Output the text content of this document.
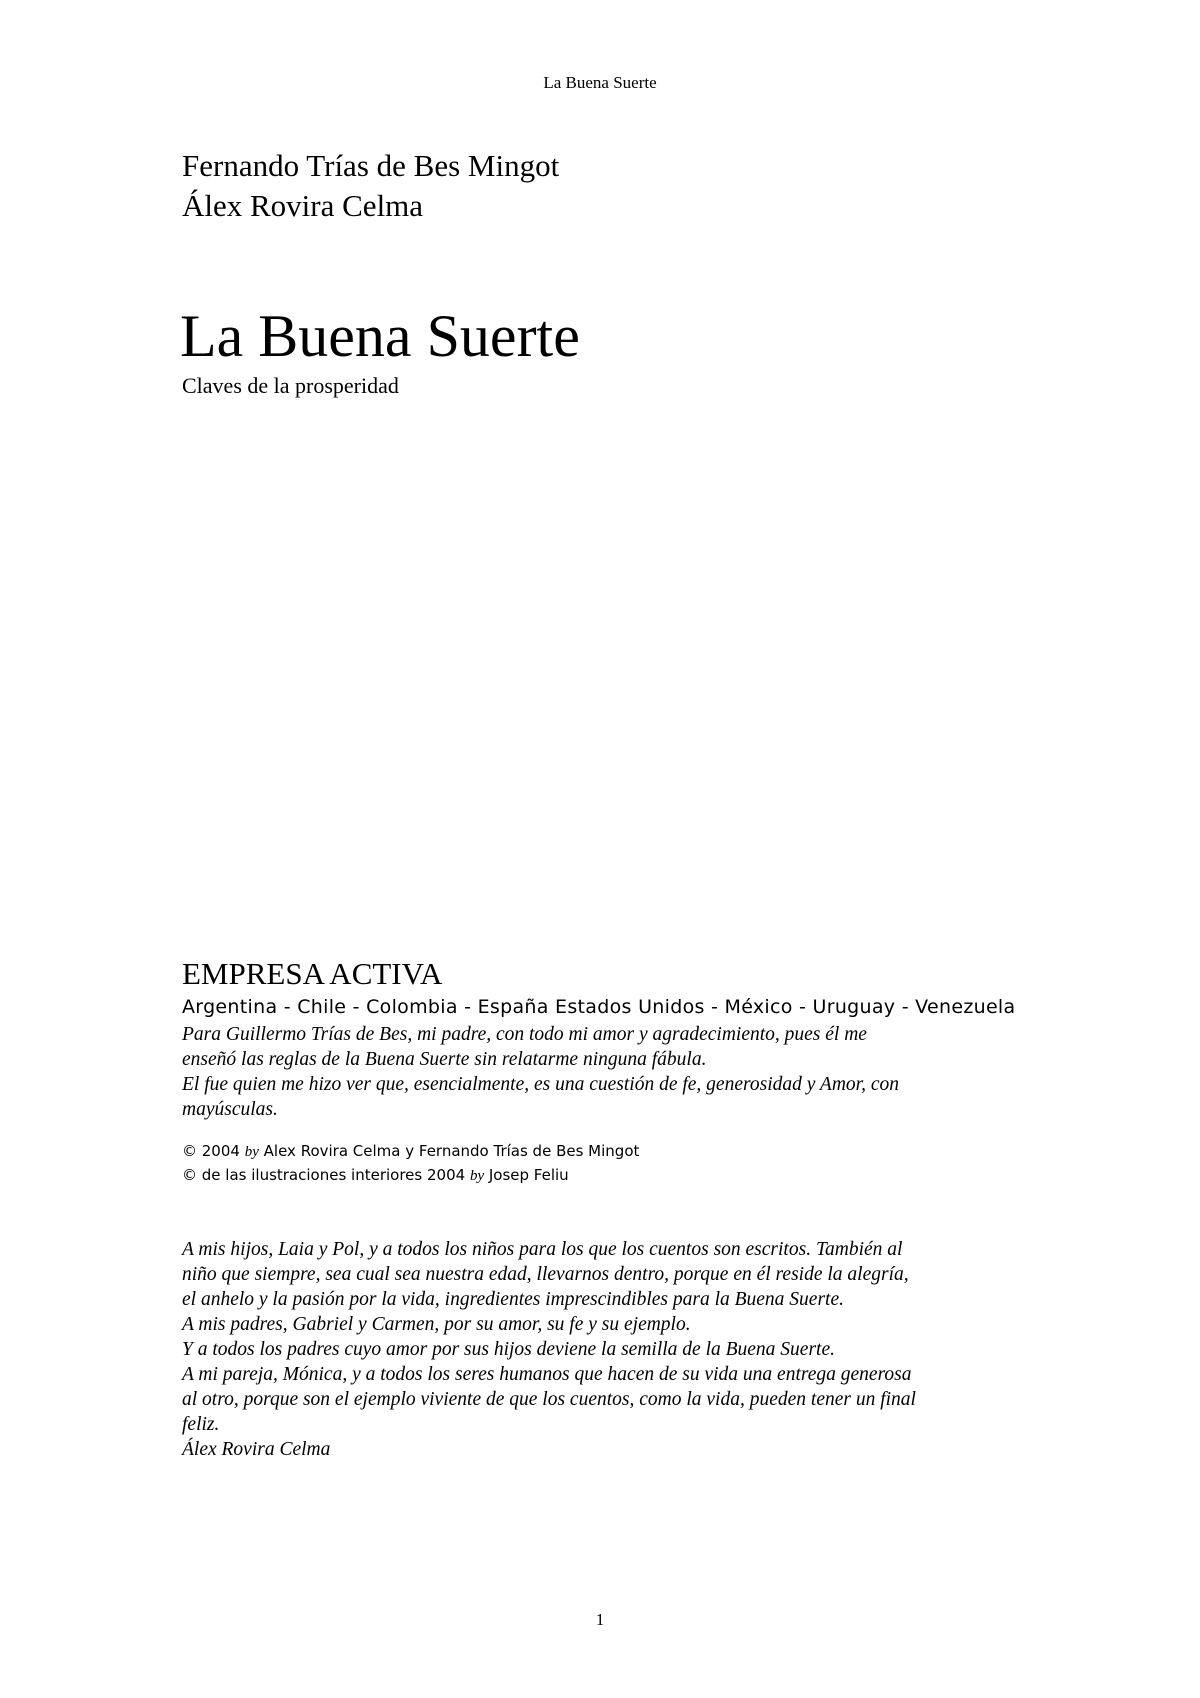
La Buena Suerte
Fernando Trías de Bes Mingot
Álex Rovira Celma
La Buena Suerte
Claves de la prosperidad
EMPRESA ACTIVA
Argentina - Chile - Colombia - España Estados Unidos - México - Uruguay - Venezuela
Para Guillermo Trías de Bes, mi padre, con todo mi amor y agradecimiento, pues él me
enseñó las reglas de la Buena Suerte sin relatarme ninguna fábula.
El fue quien me hizo ver que, esencialmente, es una cuestión de fe, generosidad y Amor, con
mayúsculas.
© 2004 by Alex Rovira Celma y Fernando Trías de Bes Mingot
© de las ilustraciones interiores 2004 by Josep Feliu
A mis hijos, Laia y Pol, y a todos los niños para los que los cuentos son escritos. También al
niño que siempre, sea cual sea nuestra edad, llevarnos dentro, porque en él reside la alegría,
el anhelo y la pasión por la vida, ingredientes imprescindibles para la Buena Suerte.
A mis padres, Gabriel y Carmen, por su amor, su fe y su ejemplo.
Y a todos los padres cuyo amor por sus hijos deviene la semilla de la Buena Suerte.
A mi pareja, Mónica, y a todos los seres humanos que hacen de su vida una entrega generosa
al otro, porque son el ejemplo viviente de que los cuentos, como la vida, pueden tener un final
feliz.
Álex Rovira Celma
1
